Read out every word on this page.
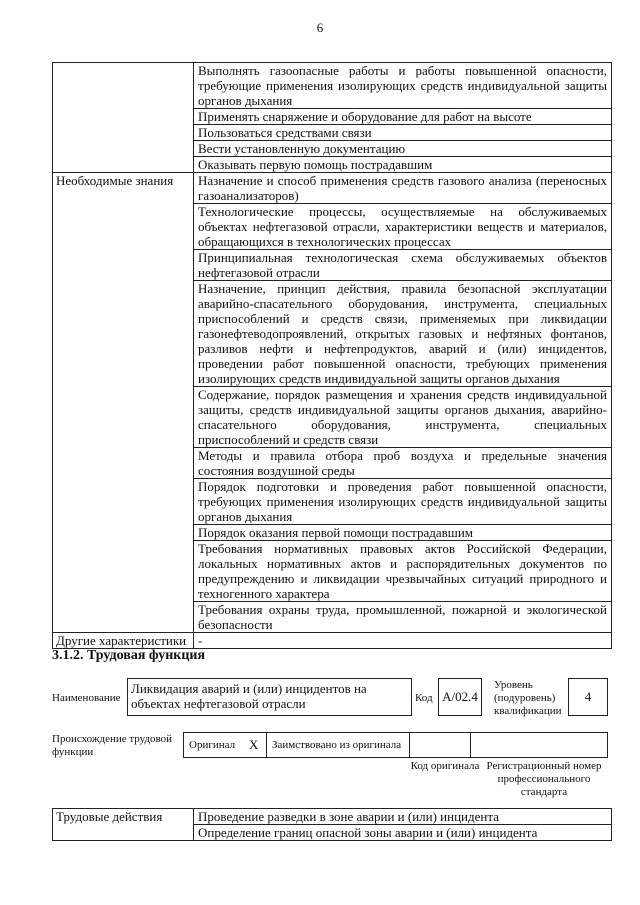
6
	Выполнять газоопасные работы и работы повышенной опасности, требующие применения изолирующих средств индивидуальной защиты органов дыхания
	Применять снаряжение и оборудование для работ на высоте
	Пользоваться средствами связи
	Вести установленную документацию
	Оказывать первую помощь пострадавшим
Необходимые знания	Назначение и способ применения средств газового анализа (переносных газоанализаторов)
	Технологические процессы, осуществляемые на обслуживаемых объектах нефтегазовой отрасли, характеристики веществ и материалов, обращающихся в технологических процессах
	Принципиальная технологическая схема обслуживаемых объектов нефтегазовой отрасли
	Назначение, принцип действия, правила безопасной эксплуатации аварийно-спасательного оборудования, инструмента, специальных приспособлений и средств связи, применяемых при ликвидации газонефтеводопроявлений, открытых газовых и нефтяных фонтанов, разливов нефти и нефтепродуктов, аварий и (или) инцидентов, проведении работ повышенной опасности, требующих применения изолирующих средств индивидуальной защиты органов дыхания
	Содержание, порядок размещения и хранения средств индивидуальной защиты, средств индивидуальной защиты органов дыхания, аварийно-спасательного оборудования, инструмента, специальных приспособлений и средств связи
	Методы и правила отбора проб воздуха и предельные значения состояния воздушной среды
	Порядок подготовки и проведения работ повышенной опасности, требующих применения изолирующих средств индивидуальной защиты органов дыхания
	Порядок оказания первой помощи пострадавшим
	Требования нормативных правовых актов Российской Федерации, локальных нормативных актов и распорядительных документов по предупреждению и ликвидации чрезвычайных ситуаций природного и техногенного характера
	Требования охраны труда, промышленной, пожарной и экологической безопасности
Другие характеристики	-
3.1.2. Трудовая функция
Наименование
Ликвидация аварий и (или) инцидентов на объектах нефтегазовой отрасли	Код А/02.4
Уровень (подуровень) квалификации
4
Происхождение трудовой функции
Оригинал	X	Заимствовано из оригинала		
Код оригинала Регистрационный номер профессионального стандарта
Трудовые действия	Проведение разведки в зоне аварии и (или) инцидента
Определение границ опасной зоны аварии и (или) инцидента
